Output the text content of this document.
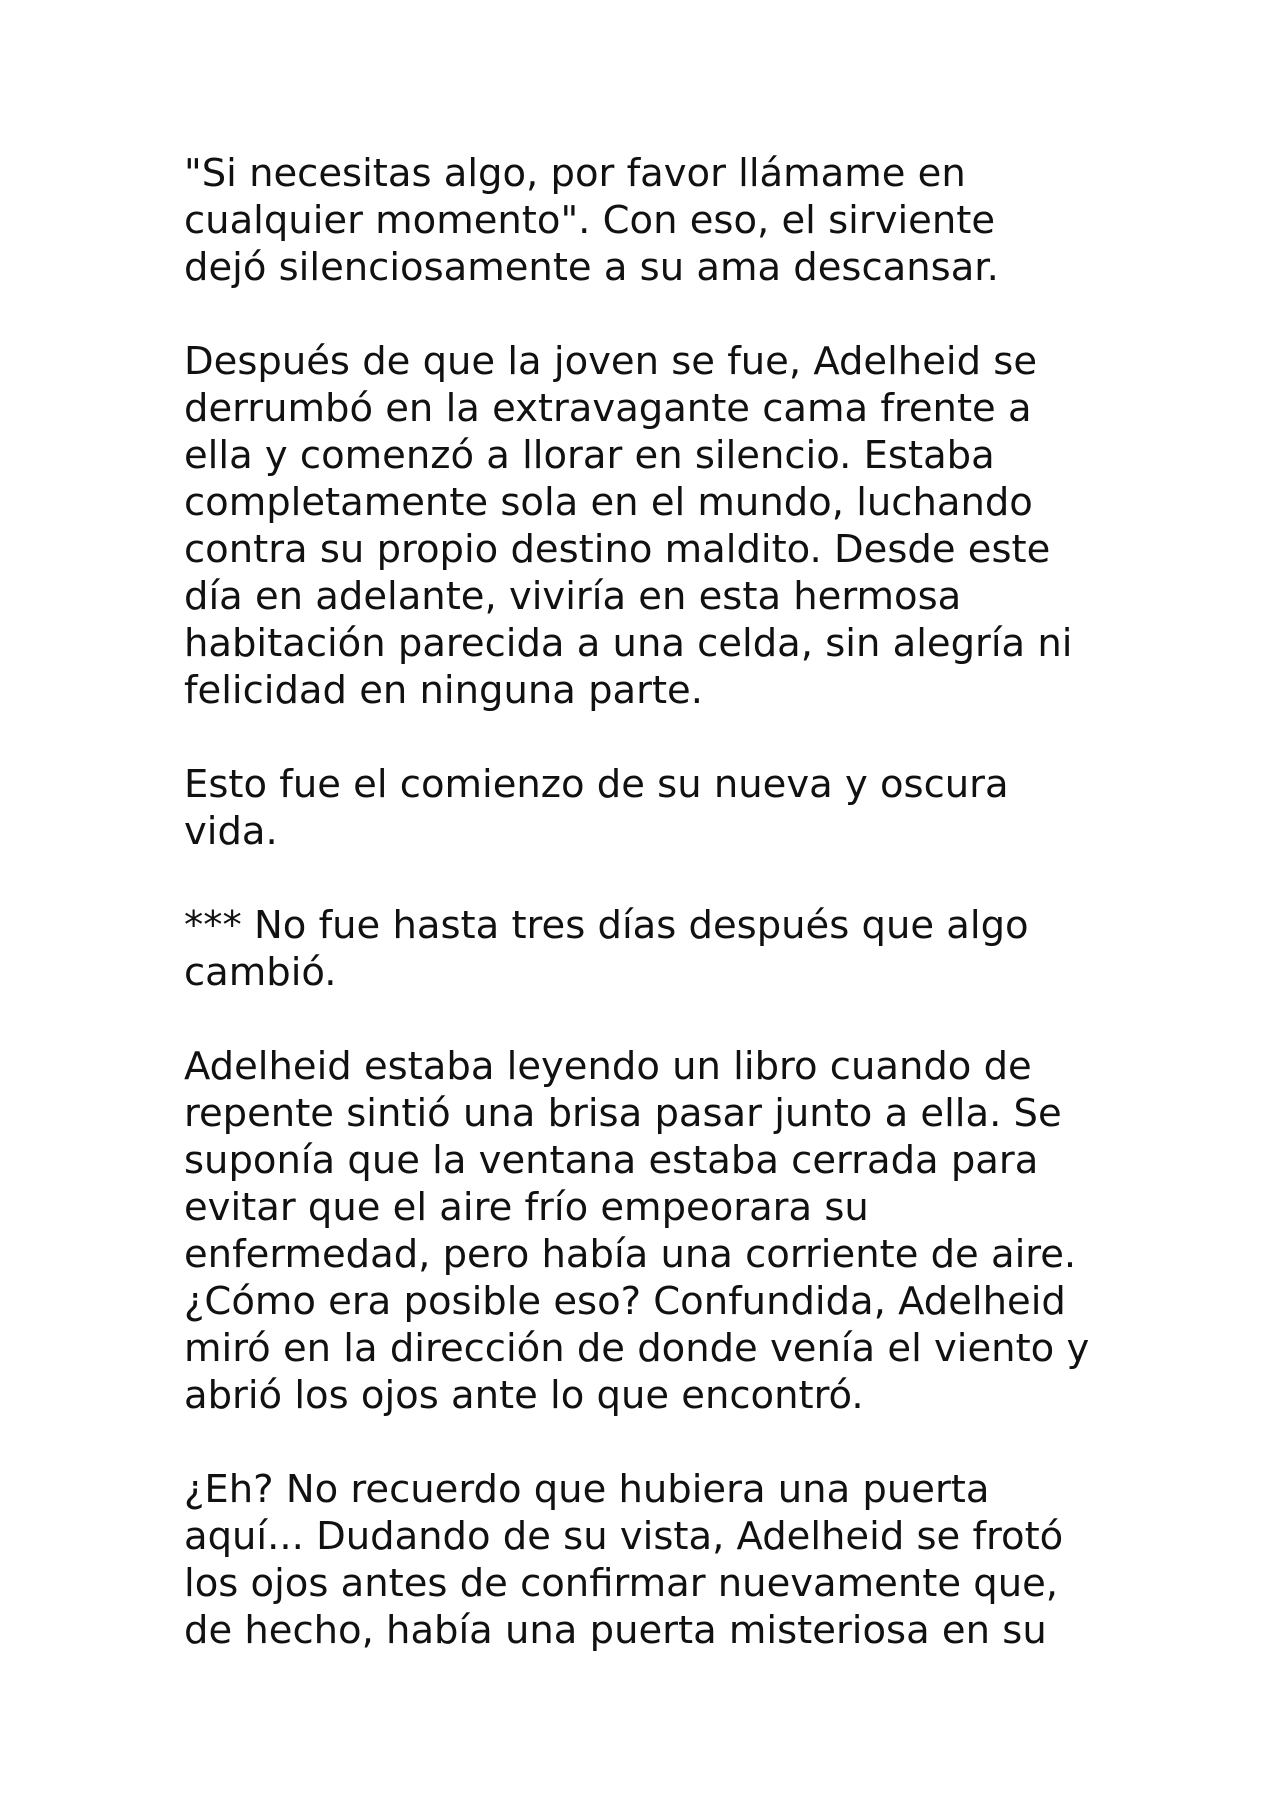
"Si necesitas algo, por favor llámame en
cualquier momento". Con eso, el sirviente
dejó silenciosamente a su ama descansar.

Después de que la joven se fue, Adelheid se
derrumbó en la extravagante cama frente a
ella y comenzó a llorar en silencio. Estaba
completamente sola en el mundo, luchando
contra su propio destino maldito. Desde este
día en adelante, viviría en esta hermosa
habitación parecida a una celda, sin alegría ni
felicidad en ninguna parte.

Esto fue el comienzo de su nueva y oscura
vida.

*** No fue hasta tres días después que algo
cambió.

Adelheid estaba leyendo un libro cuando de
repente sintió una brisa pasar junto a ella. Se
suponía que la ventana estaba cerrada para
evitar que el aire frío empeorara su
enfermedad, pero había una corriente de aire.
¿Cómo era posible eso? Confundida, Adelheid
miró en la dirección de donde venía el viento y
abrió los ojos ante lo que encontró.

¿Eh? No recuerdo que hubiera una puerta
aquí... Dudando de su vista, Adelheid se frotó
los ojos antes de confirmar nuevamente que,
de hecho, había una puerta misteriosa en su
